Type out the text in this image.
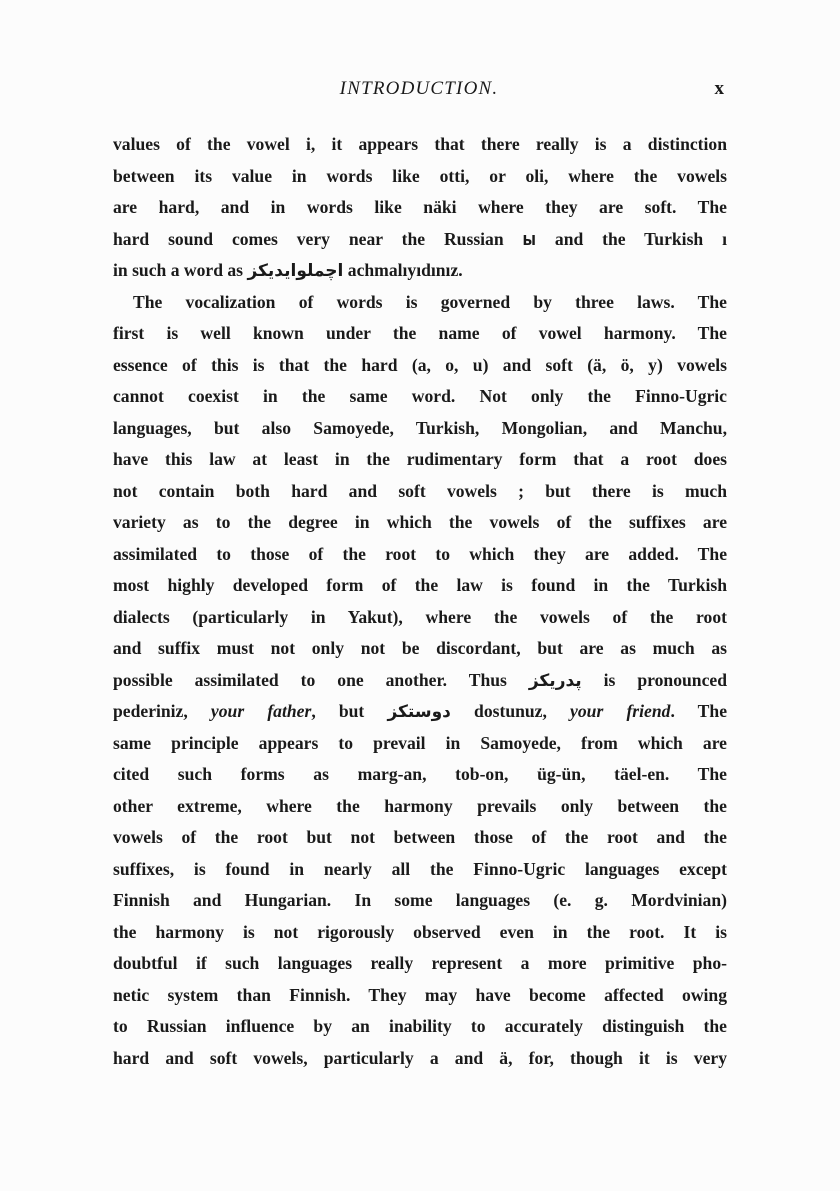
INTRODUCTION.	x
values of the vowel i, it appears that there really is a distinction
between its value in words like otti, or oli, where the vowels
are hard, and in words like näki where they are soft. The
hard sound comes very near the Russian Ы and the Turkish ı
in such a word as اچملوايديكز achmalıyıdınız.
The vocalization of words is governed by three laws. The
first is well known under the name of vowel harmony. The
essence of this is that the hard (a, o, u) and soft (ä, ö, y) vowels
cannot coexist in the same word. Not only the Finno-Ugric
languages, but also Samoyede, Turkish, Mongolian, and Manchu,
have this law at least in the rudimentary form that a root does
not contain both hard and soft vowels ; but there is much
variety as to the degree in which the vowels of the suffixes are
assimilated to those of the root to which they are added. The
most highly developed form of the law is found in the Turkish
dialects (particularly in Yakut), where the vowels of the root
and suffix must not only not be discordant, but are as much as
possible assimilated to one another. Thus پدريكز is pronounced
pederiniz, your father, but دوستكز dostunuz, your friend. The
same principle appears to prevail in Samoyede, from which are
cited such forms as marg-an, tob-on, üg-ün, täel-en. The
other extreme, where the harmony prevails only between the
vowels of the root but not between those of the root and the
suffixes, is found in nearly all the Finno-Ugric languages except
Finnish and Hungarian. In some languages (e. g. Mordvinian)
the harmony is not rigorously observed even in the root. It is
doubtful if such languages really represent a more primitive pho-
netic system than Finnish. They may have become affected owing
to Russian influence by an inability to accurately distinguish the
hard and soft vowels, particularly a and ä, for, though it is very
